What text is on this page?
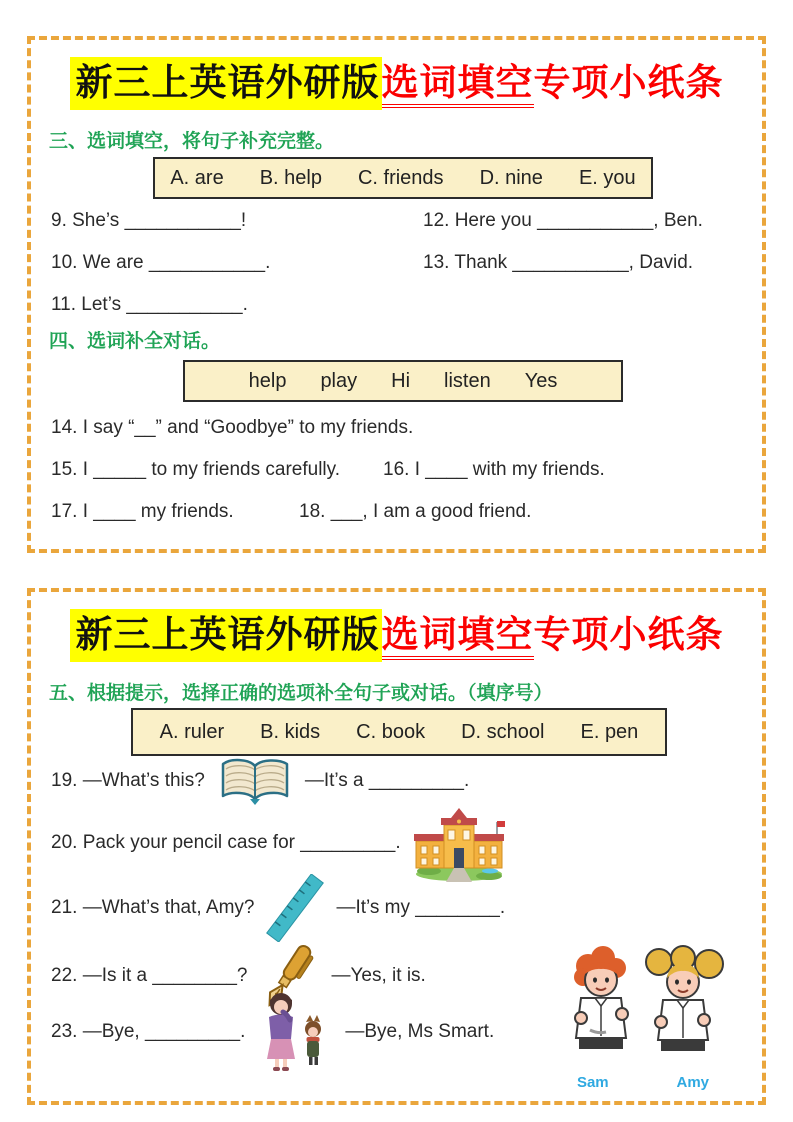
新三上英语外研版选词填空专项小纸条
三、选词填空，将句子补充完整。
A. are B. help C. friends D. nine E. you
9. She’s ___________!	12. Here you ___________, Ben.
10. We are ___________.	13. Thank ___________, David.
11. Let’s ___________.
四、选词补全对话。
help play Hi listen Yes
14. I say “__” and “Goodbye” to my friends.
15. I _____ to my friends carefully. 16. I ____ with my friends.
17. I ____ my friends.	18. ___, I am a good friend.
新三上英语外研版选词填空专项小纸条
五、根据提示，选择正确的选项补全句子或对话。（填序号）
A. ruler B. kids C. book D. school E. pen
19. —What’s this?	—It’s a _________.
20. Pack your pencil case for _________.
21. —What’s that, Amy?	—It’s my ________.
22. —Is it a ________?	—Yes, it is.
23. —Bye, _________.	—Bye, Ms Smart.
Sam	Amy
